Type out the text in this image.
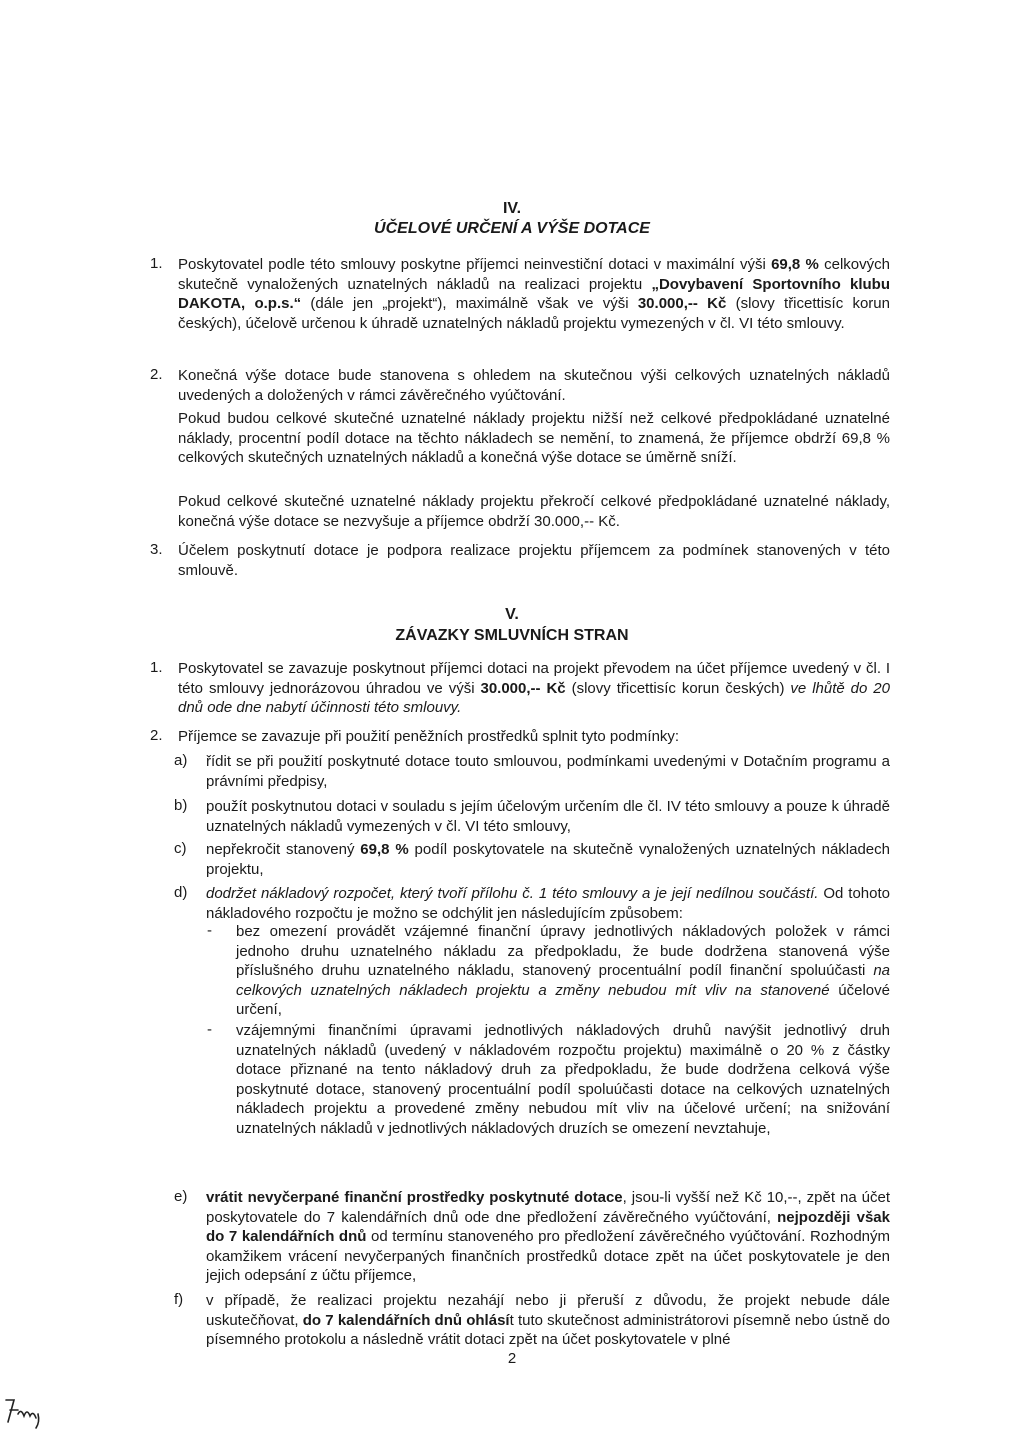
IV.
ÚČELOVÉ URČENÍ A VÝŠE DOTACE
1. Poskytovatel podle této smlouvy poskytne příjemci neinvestiční dotaci v maximální výši 69,8 % celkových skutečně vynaložených uznatelných nákladů na realizaci projektu „Dovybavení Sportovního klubu DAKOTA, o.p.s.“ (dále jen „projekt“), maximálně však ve výši 30.000,-- Kč (slovy třicettisíc korun českých), účelově určenou k úhradě uznatelných nákladů projektu vymezených v čl. VI této smlouvy.
2. Konečná výše dotace bude stanovena s ohledem na skutečnou výši celkových uznatelných nákladů uvedených a doložených v rámci závěrečného vyúčtování.
Pokud budou celkové skutečné uznatelné náklady projektu nižší než celkové předpokládané uznatelné náklady, procentní podíl dotace na těchto nákladech se nemění, to znamená, že příjemce obdrží 69,8 % celkových skutečných uznatelných nákladů a konečná výše dotace se úměrně sníží.
Pokud celkové skutečné uznatelné náklady projektu překročí celkové předpokládané uznatelné náklady, konečná výše dotace se nezvyšuje a příjemce obdrží 30.000,-- Kč.
3. Účelem poskytnutí dotace je podpora realizace projektu příjemcem za podmínek stanovených v této smlouvě.
V.
ZÁVAZKY SMLUVNÍCH STRAN
1. Poskytovatel se zavazuje poskytnout příjemci dotaci na projekt převodem na účet příjemce uvedený v čl. I této smlouvy jednorázovou úhradou ve výši 30.000,-- Kč (slovy třicettisíc korun českých) ve lhůtě do 20 dnů ode dne nabytí účinnosti této smlouvy.
2. Příjemce se zavazuje při použití peněžních prostředků splnit tyto podmínky:
a) řídit se při použití poskytnuté dotace touto smlouvou, podmínkami uvedenými v Dotačním programu a právními předpisy,
b) použít poskytnutou dotaci v souladu s jejím účelovým určením dle čl. IV této smlouvy a pouze k úhradě uznatelných nákladů vymezených v čl. VI této smlouvy,
c) nepřekročit stanovený 69,8 % podíl poskytovatele na skutečně vynaložených uznatelných nákladech projektu,
d) dodržet nákladový rozpočet, který tvoří přílohu č. 1 této smlouvy a je její nedílnou součástí. Od tohoto nákladového rozpočtu je možno se odchýlit jen následujícím způsobem:
- bez omezení provádět vzájemné finanční úpravy jednotlivých nákladových položek v rámci jednoho druhu uznatelného nákladu za předpokladu, že bude dodržena stanovená výše příslušného druhu uznatelného nákladu, stanovený procentuální podíl finanční spoluúčasti na celkových uznatelných nákladech projektu a změny nebudou mít vliv na stanovené účelové určení,
- vzájemnými finančními úpravami jednotlivých nákladových druhů navýšit jednotlivý druh uznatelných nákladů (uvedený v nákladovém rozpočtu projektu) maximálně o 20 % z částky dotace přiznané na tento nákladový druh za předpokladu, že bude dodržena celková výše poskytnuté dotace, stanovený procentuální podíl spoluúčasti dotace na celkových uznatelných nákladech projektu a provedené změny nebudou mít vliv na účelové určení; na snižování uznatelných nákladů v jednotlivých nákladových druzích se omezení nevztahuje,
e) vrátit nevyčerpané finanční prostředky poskytnuté dotace, jsou-li vyšší než Kč 10,--, zpět na účet poskytovatele do 7 kalendářních dnů ode dne předložení závěrečného vyúčtování, nejpozději však do 7 kalendářních dnů od termínu stanoveného pro předložení závěrečného vyúčtování. Rozhodným okamžikem vrácení nevyčerpaných finančních prostředků dotace zpět na účet poskytovatele je den jejich odepsání z účtu příjemce,
f) v případě, že realizaci projektu nezahájí nebo ji přeruší z důvodu, že projekt nebude dále uskutečňovat, do 7 kalendářních dnů ohlásít tuto skutečnost administrátorovi písemně nebo ústně do písemného protokolu a následně vrátit dotaci zpět na účet poskytovatele v plné
2
